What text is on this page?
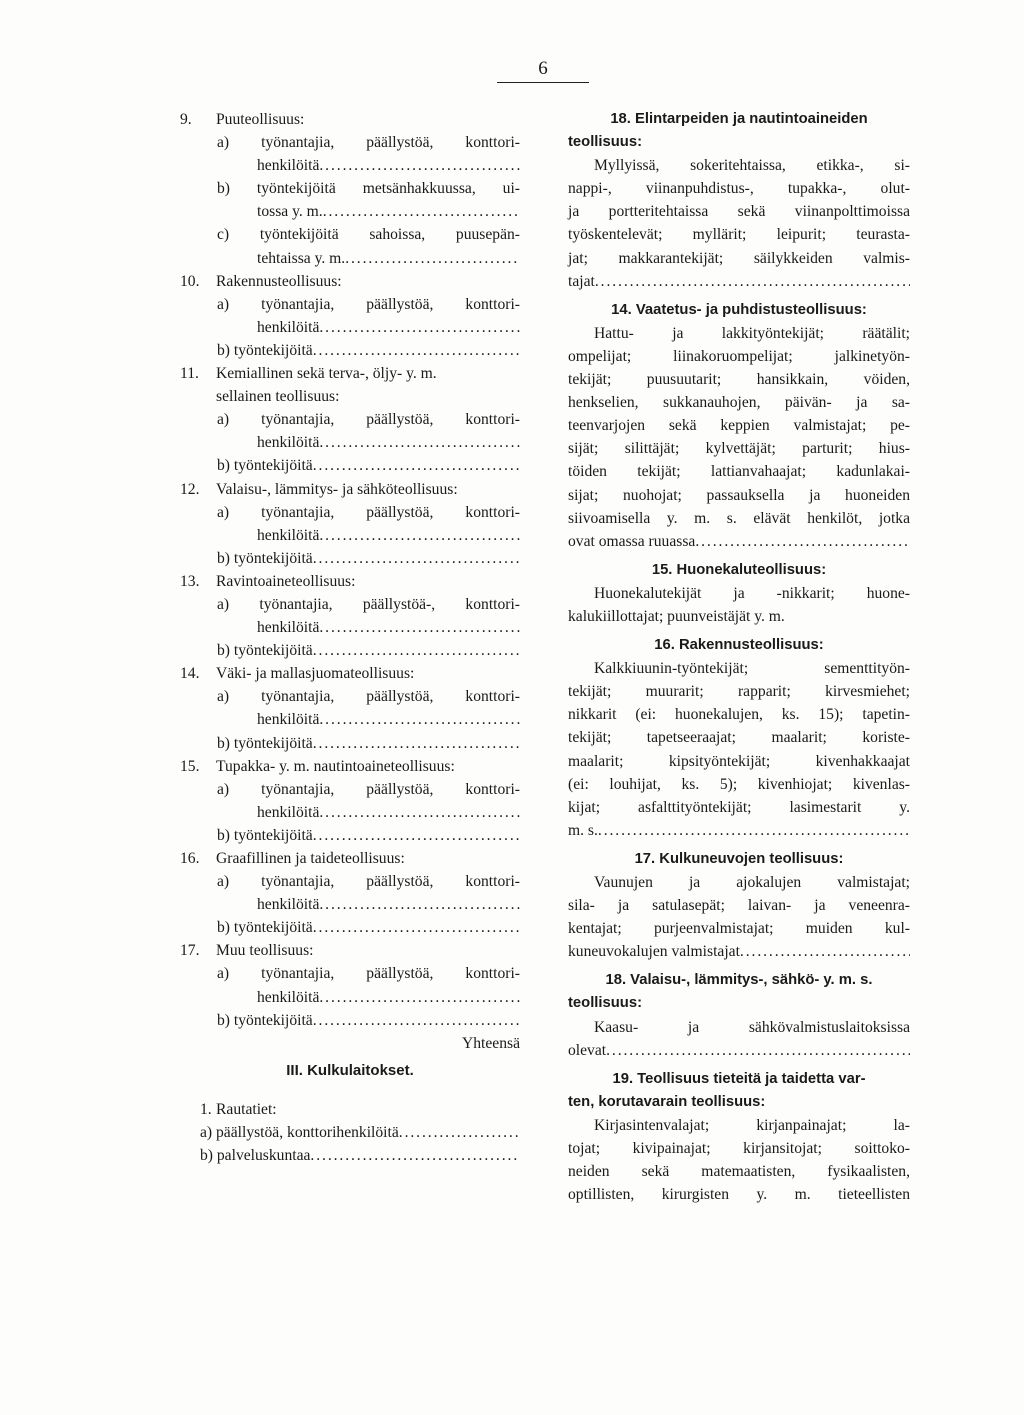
6
9. Puuteollisuus:
a) työnantajia, päällystöä, konttori-
henkilöitä
. . .
b) työntekijöitä metsänhakkuussa, ui-
tossa y. m.
. . .
c) työntekijöitä sahoissa, puusepän-
tehtaissa y. m.
. . .
10. Rakennusteollisuus:
a) työnantajia, päällystöä, konttori-
henkilöitä
. . .
b) työntekijöitä
. . .
11. Kemiallinen sekä terva-, öljy- y. m.
sellainen teollisuus:
a) työnantajia, päällystöä, konttori-
henkilöitä
. . .
b) työntekijöitä
. . .
12. Valaisu-, lämmitys- ja sähköteollisuus:
a) työnantajia, päällystöä, konttori-
henkilöitä
. . .
b) työntekijöitä
. . .
13. Ravintoaineteollisuus:
a) työnantajia, päällystöä-, konttori-
henkilöitä
. . .
b) työntekijöitä
. . .
14. Väki- ja mallasjuomateollisuus:
a) työnantajia, päällystöä, konttori-
henkilöitä
. . .
b) työntekijöitä
. . .
15. Tupakka- y. m. nautintoaineteollisuus:
a) työnantajia, päällystöä, konttori-
henkilöitä
. . .
b) työntekijöitä
. . .
16. Graafillinen ja taideteollisuus:
a) työnantajia, päällystöä, konttori-
henkilöitä
. . .
b) työntekijöitä
. . .
17. Muu teollisuus:
a) työnantajia, päällystöä, konttori-
henkilöitä
. . .
b) työntekijöitä
. . .
Yhteensä
III. Kulkulaitokset.
1. Rautatiet:
a) päällystöä, konttorihenkilöitä
. . .
b) palveluskuntaa
. . .
18. Elintarpeiden ja nautintoaineiden
teollisuus:
Myllyissä, sokeritehtaissa, etikka-, si-
nappi-, viinanpuhdistus-, tupakka-, olut-
ja portteritehtaissa sekä viinanpolttimoissa
työskentelevät; myllärit; leipurit; teurasta-
jat; makkarantekijät; säilykkeiden valmis-
tajat
. . .
14. Vaatetus- ja puhdistusteollisuus:
Hattu- ja lakkityöntekijät; räätälit;
ompelijat; liinakoruompelijat; jalkinetyön-
tekijät; puusuutarit; hansikkain, vöiden,
henkselien, sukkanauhojen, päivän- ja sa-
teenvarjojen sekä keppien valmistajat; pe-
sijät; silittäjät; kylvettäjät; parturit; hius-
töiden tekijät; lattianvahaajat; kadunlakai-
sijat; nuohojat; passauksella ja huoneiden
siivoamisella y. m. s. elävät henkilöt, jotka
ovat omassa ruuassa
. . .
15. Huonekaluteollisuus:
Huonekalutekijät ja -nikkarit; huone-
kalukiillottajat; puunveistäjät y. m.
16. Rakennusteollisuus:
Kalkkiuunin-työntekijät; sementtityön-
tekijät; muurarit; rapparit; kirvesmiehet;
nikkarit (ei: huonekalujen, ks. 15); tapetin-
tekijät; tapetseeraajat; maalarit; koriste-
maalarit; kipsityöntekijät; kivenhakkaajat
(ei: louhijat, ks. 5); kivenhiojat; kivenlas-
kijat; asfalttityöntekijät; lasimestarit y.
m. s.
. . .
17. Kulkuneuvojen teollisuus:
Vaunujen ja ajokalujen valmistajat;
sila- ja satulasepät; laivan- ja veneenra-
kentajat; purjeenvalmistajat; muiden kul-
kuneuvokalujen valmistajat
. . .
18. Valaisu-, lämmitys-, sähkö- y. m. s.
teollisuus:
Kaasu- ja sähkövalmistuslaitoksissa
olevat
. . .
19. Teollisuus tieteitä ja taidetta var-
ten, korutavarain teollisuus:
Kirjasintenvalajat; kirjanpainajat; la-
tojat; kivipainajat; kirjansitojat; soittoko-
neiden sekä matemaatisten, fysikaalisten,
optillisten, kirurgisten y. m. tieteellisten
